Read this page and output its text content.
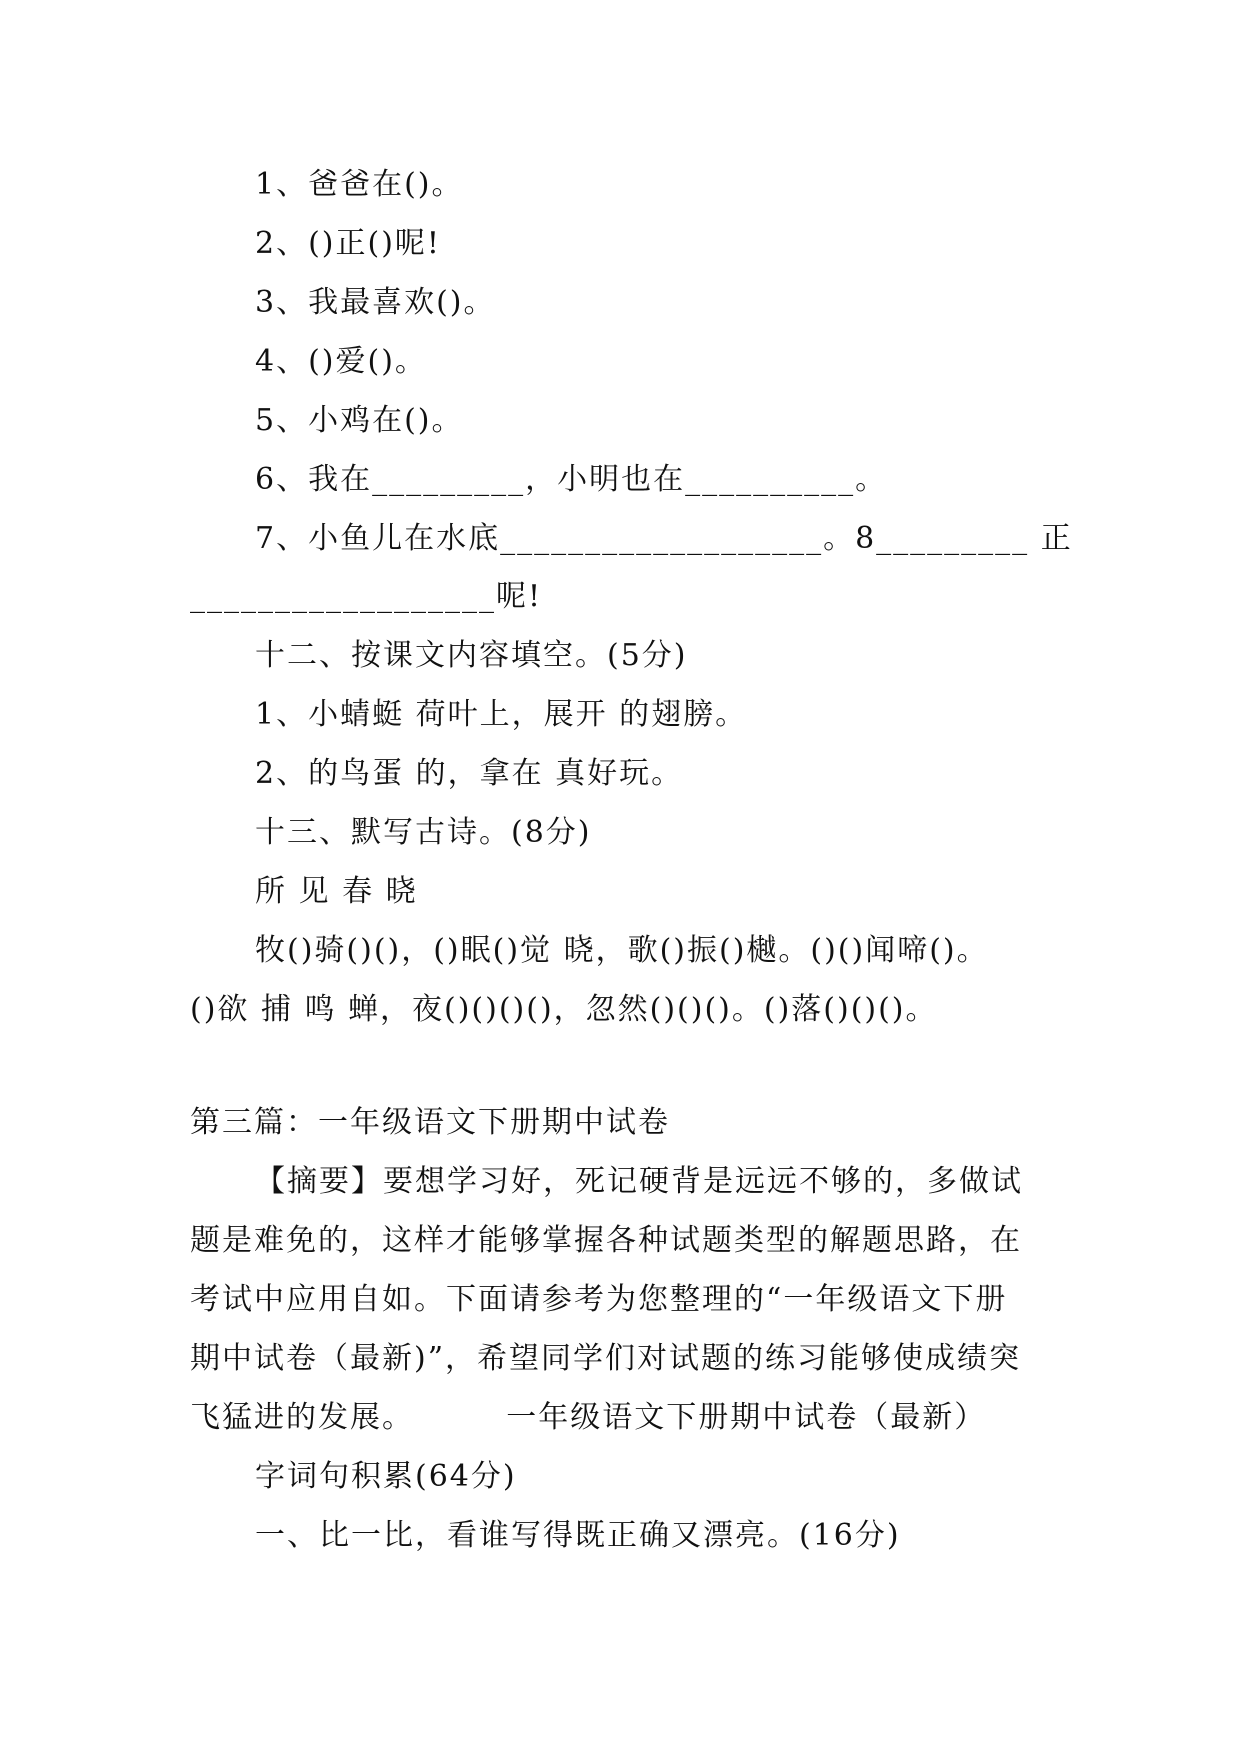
1、爸爸在()。
2、()正()呢!
3、我最喜欢()。
4、()爱()。
5、小鸡在()。
6、我在_________，小明也在__________。
7、小鱼儿在水底___________________。8_________ 正
__________________呢!
十二、按课文内容填空。(5分)
1、小蜻蜓 荷叶上，展开 的翅膀。
2、的鸟蛋 的，拿在 真好玩。
十三、默写古诗。(8分)
所 见 春 晓
牧()骑()()，()眠()觉 晓，歌()振()樾。()()闻啼()。
()欲 捕 鸣 蝉，夜()()()()，忽然()()()。()落()()()。
第三篇：一年级语文下册期中试卷
【摘要】要想学习好，死记硬背是远远不够的，多做试
题是难免的，这样才能够掌握各种试题类型的解题思路，在
考试中应用自如。下面请参考为您整理的“一年级语文下册
期中试卷（最新)”，希望同学们对试题的练习能够使成绩突
飞猛进的发展。        一年级语文下册期中试卷（最新）
字词句积累(64分)
一、比一比，看谁写得既正确又漂亮。(16分)
